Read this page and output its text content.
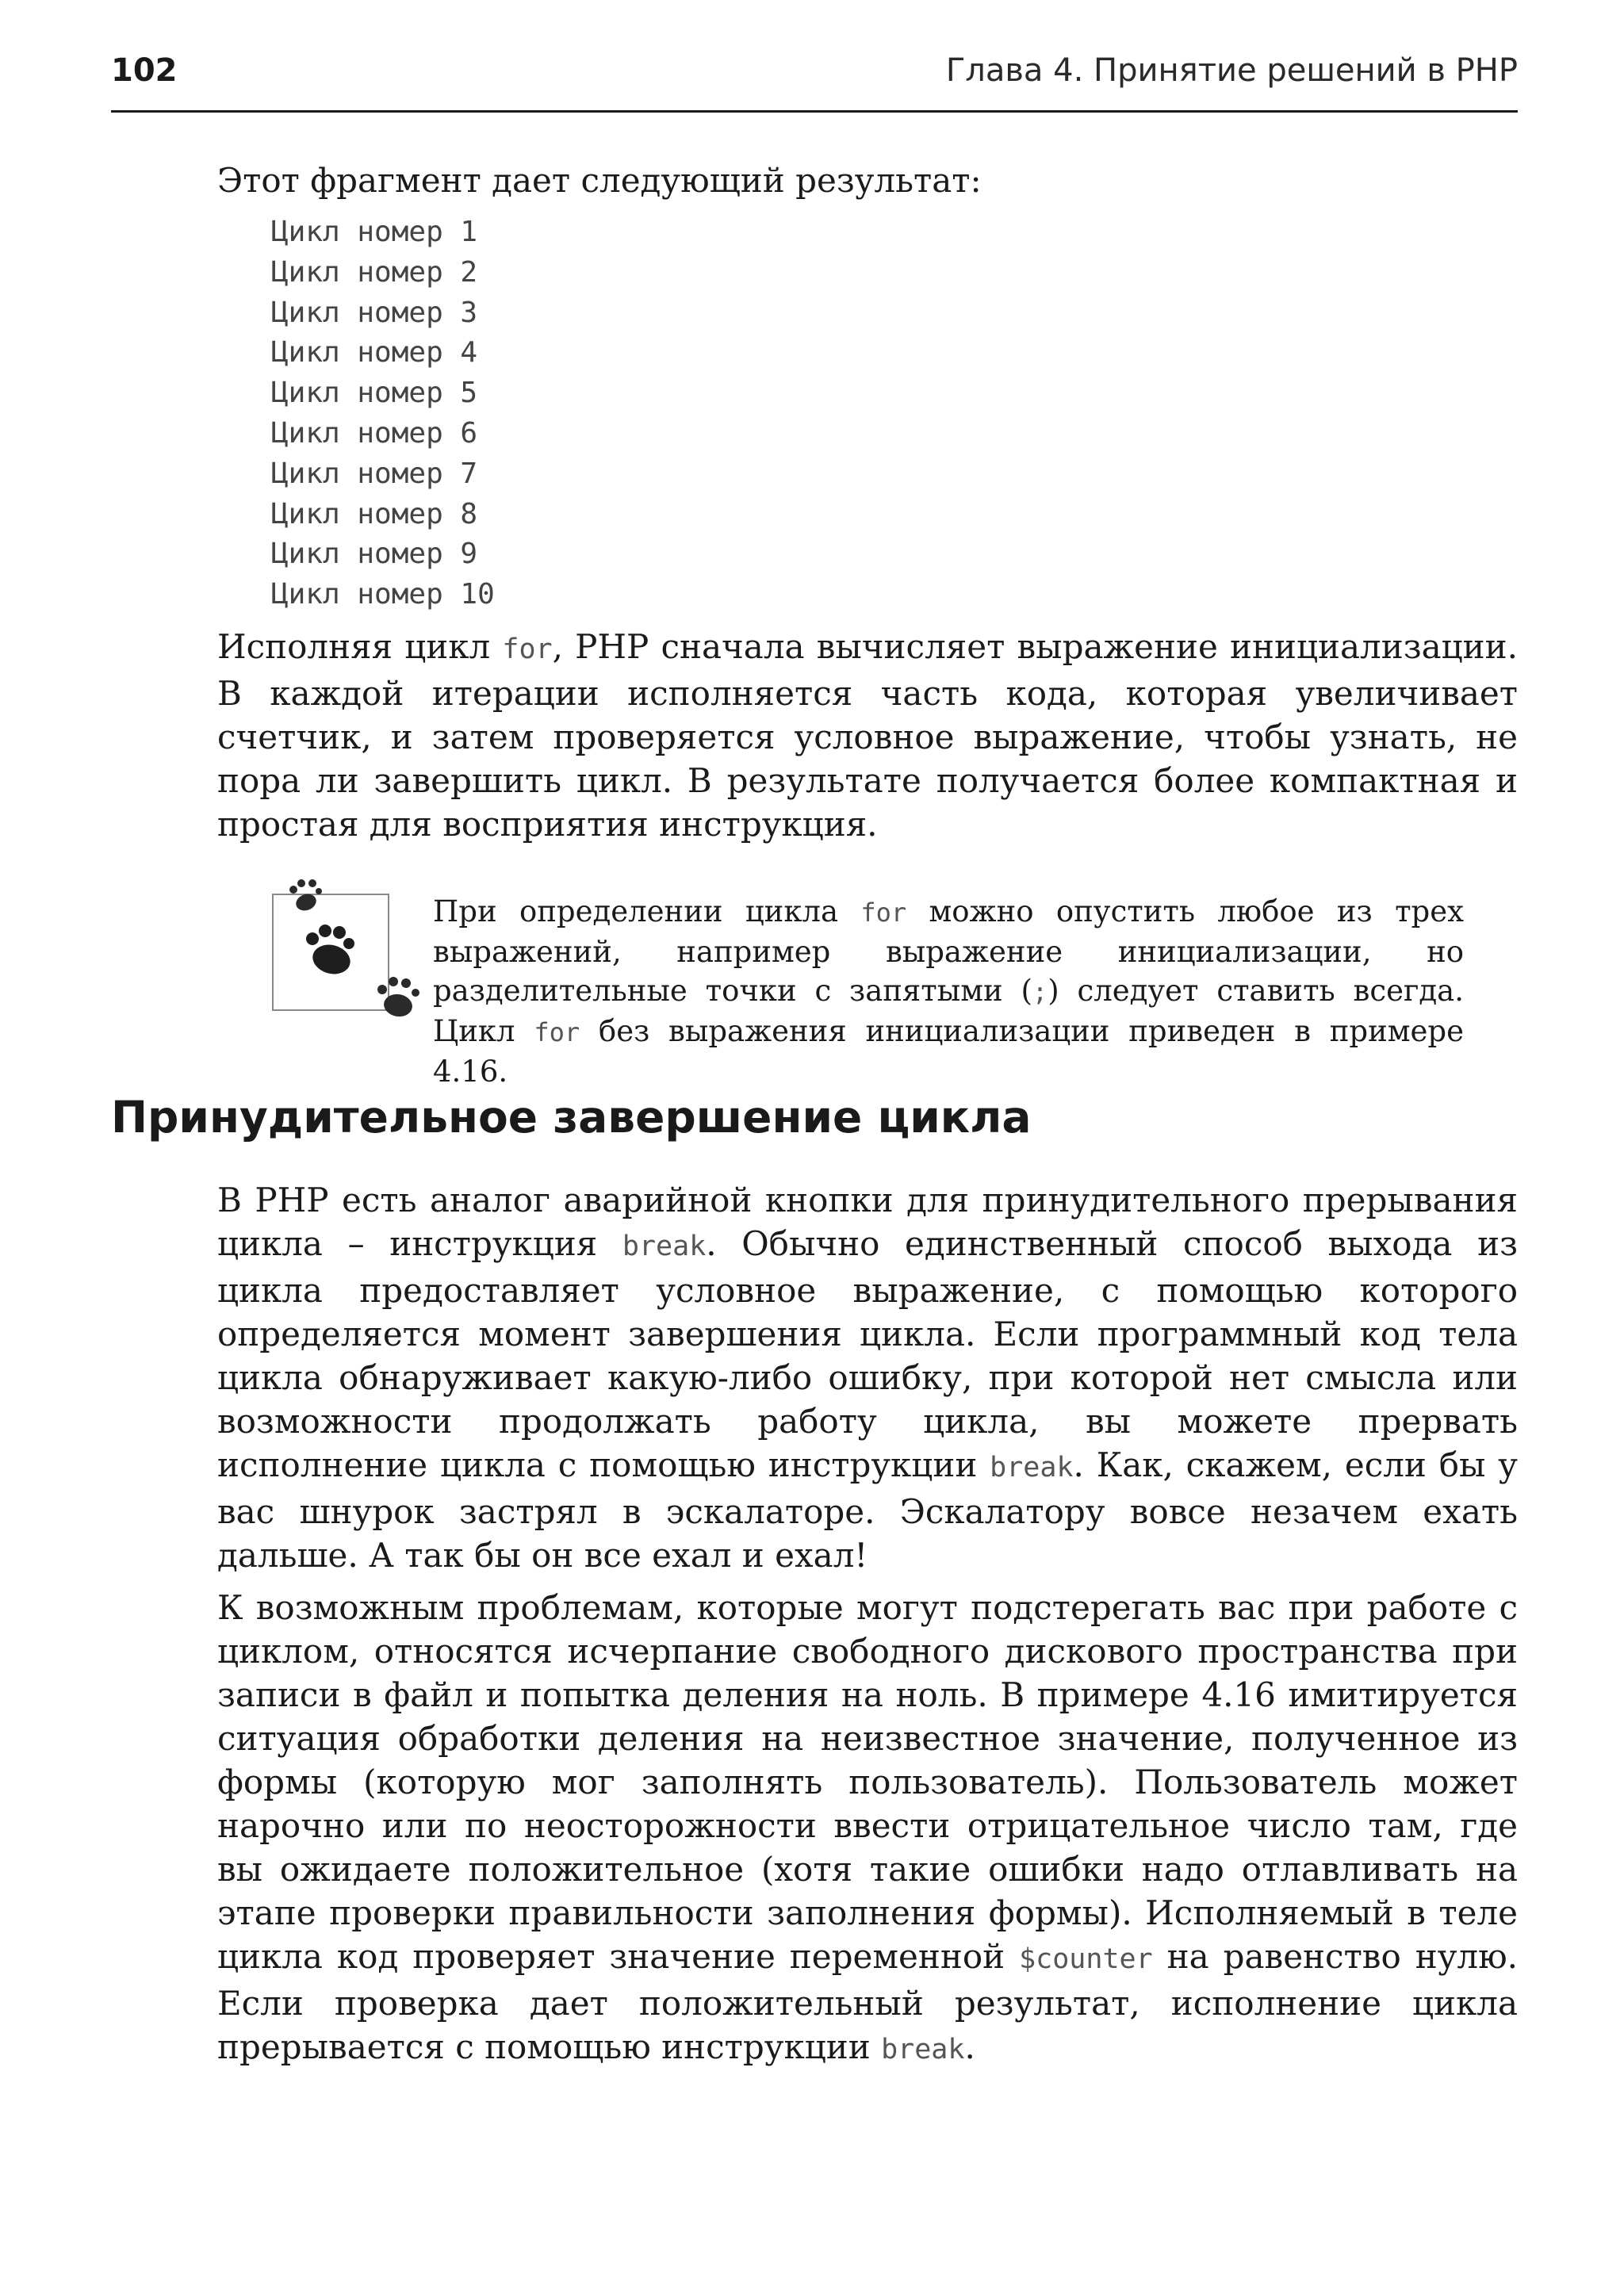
102	Глава 4. Принятие решений в PHP

Этот фрагмент дает следующий результат:

Цикл номер 1
Цикл номер 2
Цикл номер 3
Цикл номер 4
Цикл номер 5
Цикл номер 6
Цикл номер 7
Цикл номер 8
Цикл номер 9
Цикл номер 10

Исполняя цикл for, PHP сначала вычисляет выражение инициализации. В каждой итерации исполняется часть кода, которая увеличивает счетчик, и затем проверяется условное выражение, чтобы узнать, не пора ли завершить цикл. В результате получается более компактная и простая для восприятия инструкция.

При определении цикла for можно опустить любое из трех выражений, например выражение инициализации, но разделительные точки с запятыми (;) следует ставить всегда. Цикл for без выражения инициализации приведен в примере 4.16.

Принудительное завершение цикла

В PHP есть аналог аварийной кнопки для принудительного прерывания цикла – инструкция break. Обычно единственный способ выхода из цикла предоставляет условное выражение, с помощью которого определяется момент завершения цикла. Если программный код тела цикла обнаруживает какую-либо ошибку, при которой нет смысла или возможности продолжать работу цикла, вы можете прервать исполнение цикла с помощью инструкции break. Как, скажем, если бы у вас шнурок застрял в эскалаторе. Эскалатору вовсе незачем ехать дальше. А так бы он все ехал и ехал!

К возможным проблемам, которые могут подстерегать вас при работе с циклом, относятся исчерпание свободного дискового пространства при записи в файл и попытка деления на ноль. В примере 4.16 имитируется ситуация обработки деления на неизвестное значение, полученное из формы (которую мог заполнять пользователь). Пользователь может нарочно или по неосторожности ввести отрицательное число там, где вы ожидаете положительное (хотя такие ошибки надо отлавливать на этапе проверки правильности заполнения формы). Исполняемый в теле цикла код проверяет значение переменной $counter на равенство нулю. Если проверка дает положительный результат, исполнение цикла прерывается с помощью инструкции break.
